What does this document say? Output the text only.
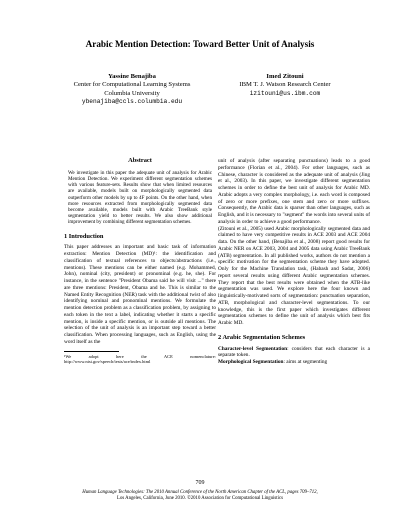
Arabic Mention Detection: Toward Better Unit of Analysis
Yassine Benajiba
Center for Computational Learning Systems
Columbia University
ybenajiba@ccls.columbia.edu
Imed Zitouni
IBM T. J. Watson Research Center
izitouni@us.ibm.com
Abstract
We investigate in this paper the adequate unit of analysis for Arabic Mention Detection. We experiment different segmentation schemes with various feature-sets. Results show that when limited resources are available, models built on morphologically segmented data outperform other models by up to 4F points. On the other hand, when more resources extracted from morphologically segmented data become available, models built with Arabic TreeBank style segmentation yield to better results. We also show additional improvement by combining different segmentation schemes.
1 Introduction
This paper addresses an important and basic task of information extraction: Mention Detection (MD)¹: the identification and classification of textual references to objects/abstractions (i.e., mentions). These mentions can be either named (e.g. Mohammed, John), nominal (city, president) or pronominal (e.g. he, she). For instance, in the sentence "President Obama said he will visit ..." there are three mentions: President, Obama and he. This is similar to the Named Entity Recognition (NER) task with the additional twist of also identifying nominal and pronominal mentions. We formulate the mention detection problem as a classification problem, by assigning to each token in the text a label, indicating whether it starts a specific mention, is inside a specific mention, or is outside all mentions. The selection of the unit of analysis is an important step toward a better classification. When processing languages, such as English, using the word itself as the
¹We adopt here the ACE nomenclature: http://www.nist.gov/speech/tests/ace/index.html
unit of analysis (after separating punctuations) leads to a good performance (Florian et al., 2004). For other languages, such as Chinese, character is considered as the adequate unit of analysis (Jing et al., 2003). In this paper, we investigate different segmentation schemes in order to define the best unit of analysis for Arabic MD. Arabic adopts a very complex morphology, i.e. each word is composed of zero or more prefixes, one stem and zero or more suffixes. Consequently, the Arabic data is sparser than other languages, such as English, and it is necessary to "segment" the words into several units of analysis in order to achieve a good performance.
(Zitouni et al., 2005) used Arabic morphologically segmented data and claimed to have very competitive results in ACE 2003 and ACE 2004 data. On the other hand, (Benajiba et al., 2008) report good results for Arabic NER on ACE 2003, 2004 and 2005 data using Arabic TreeBank (ATB) segmentation. In all published works, authors do not mention a specific motivation for the segmentation scheme they have adopted. Only for the Machine Translation task, (Habash and Sadat, 2006) report several results using different Arabic segmentation schemes. They report that the best results were obtained when the ATB-like segmentation was used. We explore here the four known and linguistically-motivated sorts of segmentation: punctuation separation, ATB, morphological and character-level segmentations. To our knowledge, this is the first paper which investigates different segmentation schemes to define the unit of analysis which best fits Arabic MD.
2 Arabic Segmentation Schemes
Character-level Segmentation: considers that each character is a separate token.
Morphological Segmentation: aims at segmenting
709
Human Language Technologies: The 2010 Annual Conference of the North American Chapter of the ACL, pages 709–712,
Los Angeles, California, June 2010. ©2010 Association for Computational Linguistics
